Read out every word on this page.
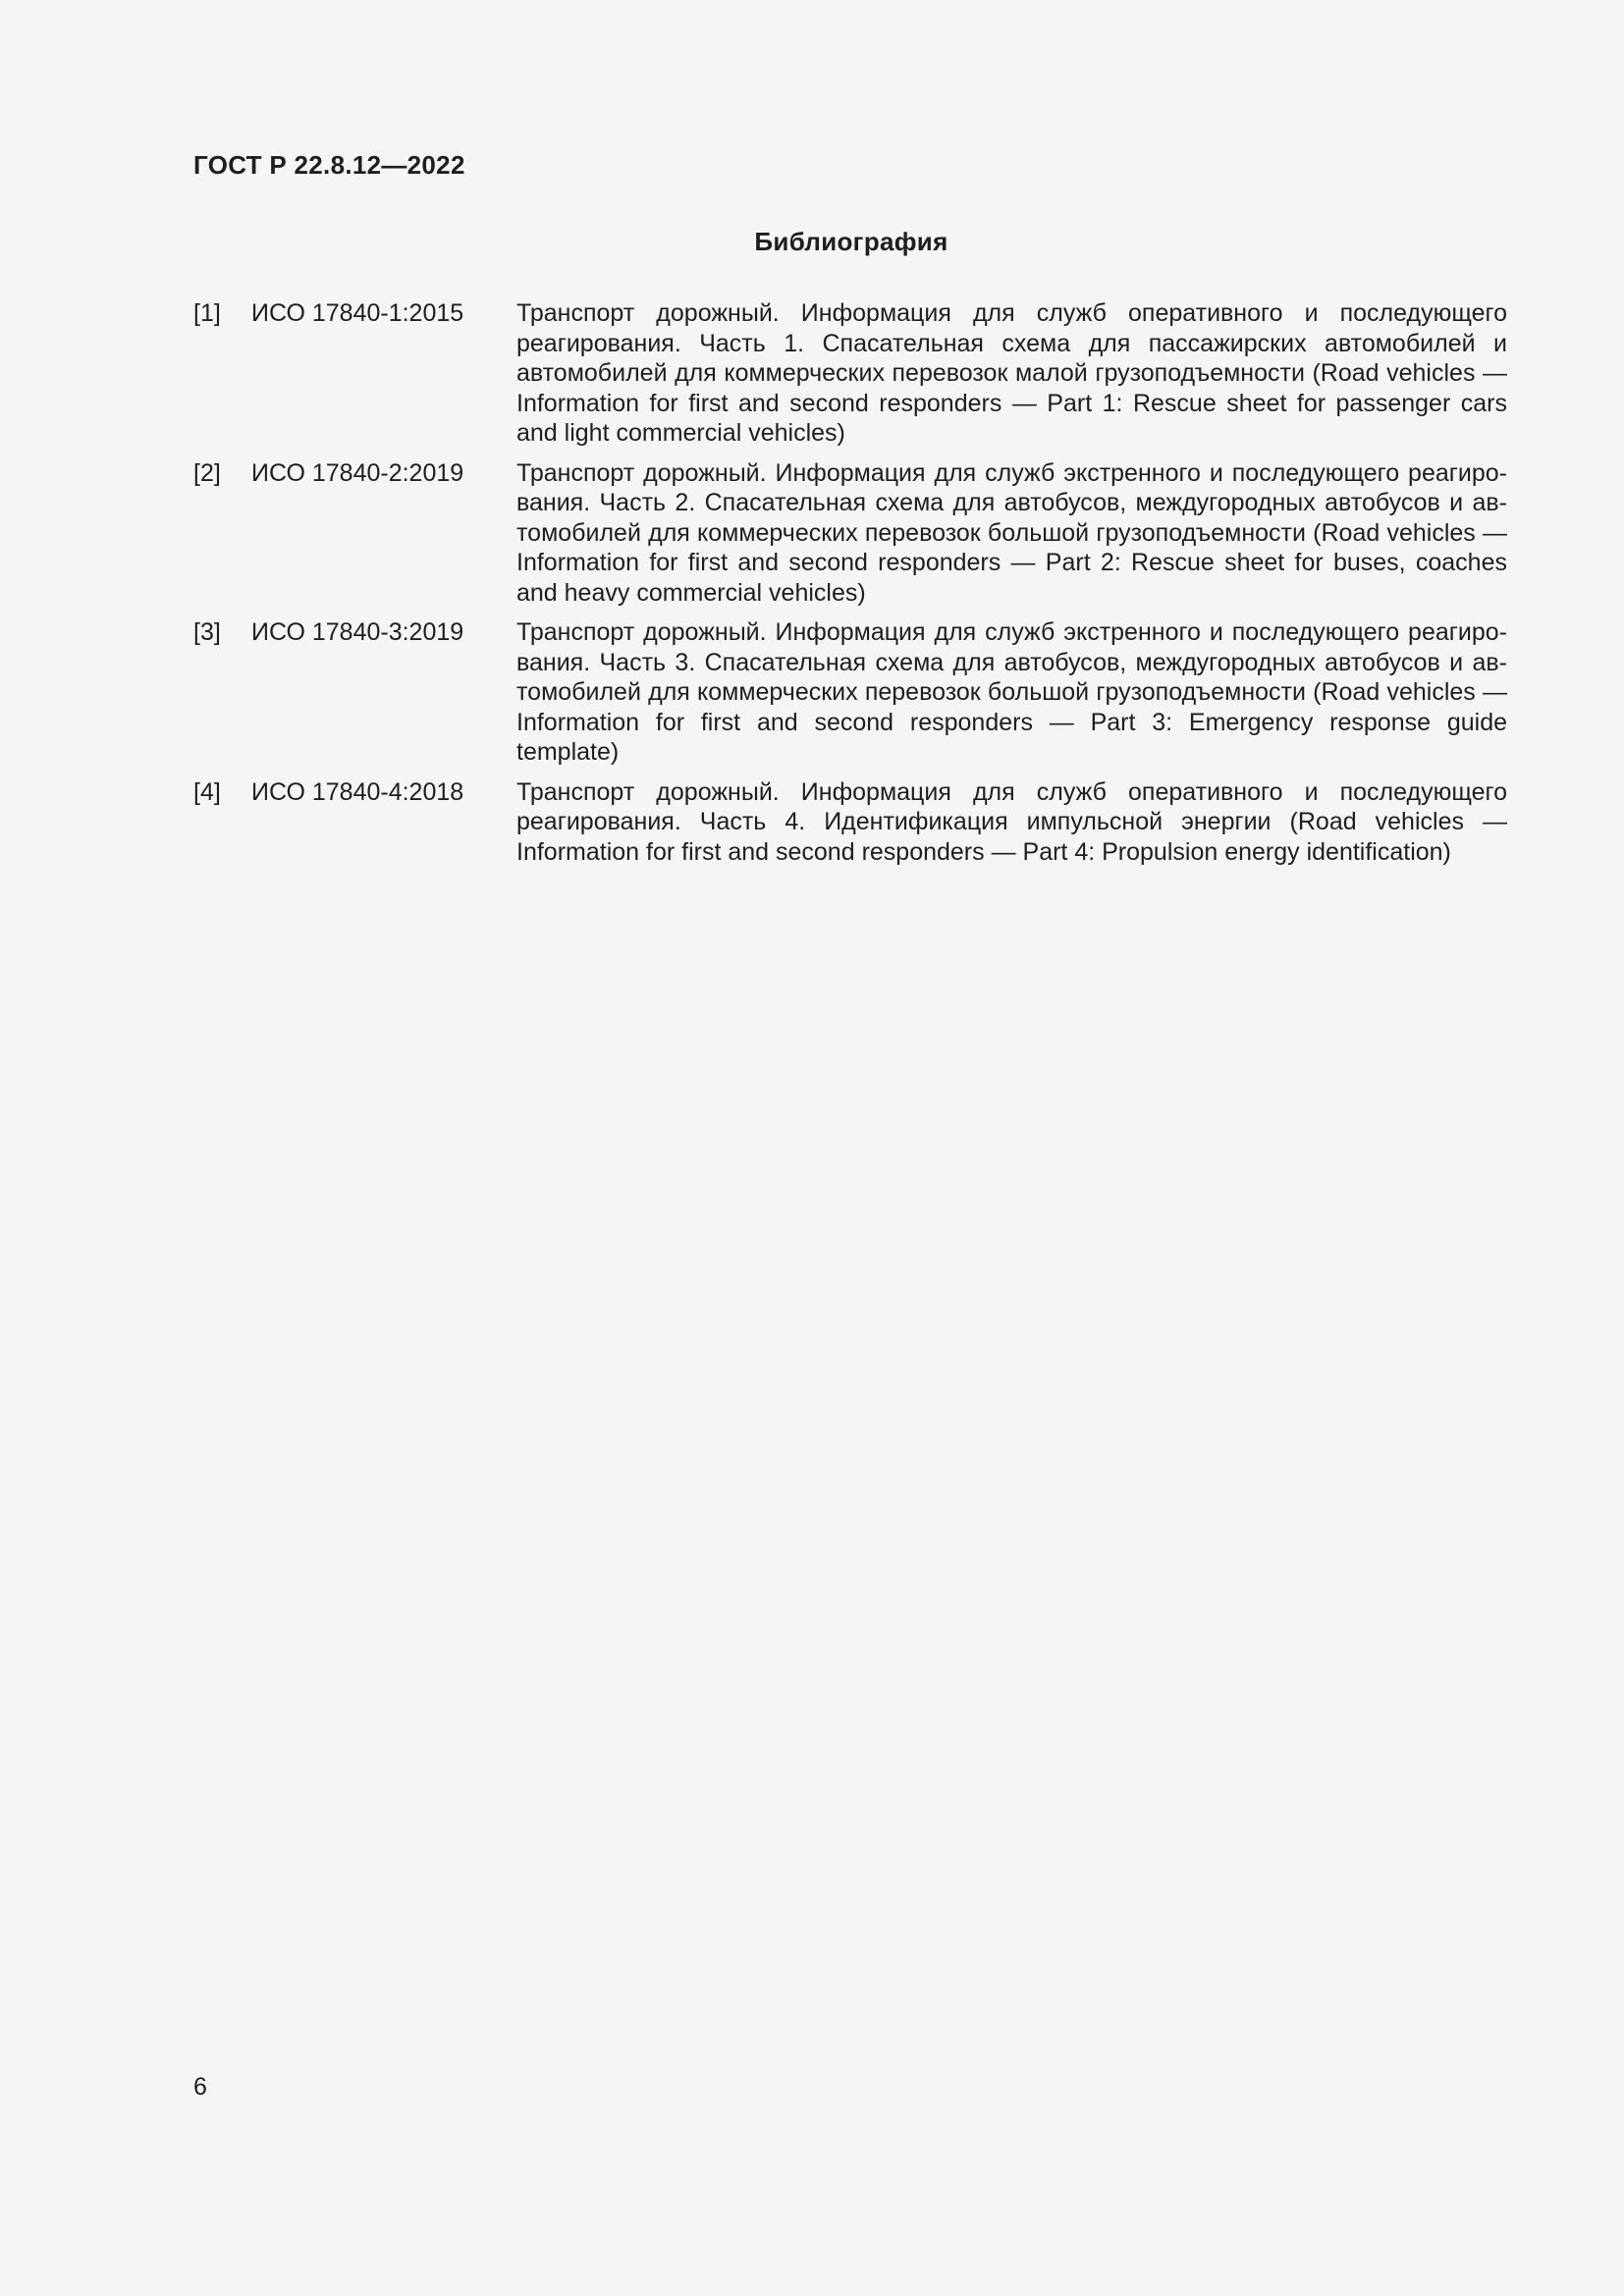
ГОСТ Р 22.8.12—2022
Библиография
[1] ИСО 17840-1:2015 Транспорт дорожный. Информация для служб оперативного и последующего реагирования. Часть 1. Спасательная схема для пассажирских автомобилей и автомобилей для коммерческих перевозок малой грузоподъемности (Road vehicles — Information for first and second responders — Part 1: Rescue sheet for passenger cars and light commercial vehicles)
[2] ИСО 17840-2:2019 Транспорт дорожный. Информация для служб экстренного и последующего реагирования. Часть 2. Спасательная схема для автобусов, междугородных автобусов и автомобилей для коммерческих перевозок большой грузоподъемности (Road vehicles — Information for first and second responders — Part 2: Rescue sheet for buses, coaches and heavy commercial vehicles)
[3] ИСО 17840-3:2019 Транспорт дорожный. Информация для служб экстренного и последующего реагирования. Часть 3. Спасательная схема для автобусов, междугородных автобусов и автомобилей для коммерческих перевозок большой грузоподъемности (Road vehicles — Information for first and second responders — Part 3: Emergency response guide template)
[4] ИСО 17840-4:2018 Транспорт дорожный. Информация для служб оперативного и последующего реагирования. Часть 4. Идентификация импульсной энергии (Road vehicles — Information for first and second responders — Part 4: Propulsion energy identification)
6
